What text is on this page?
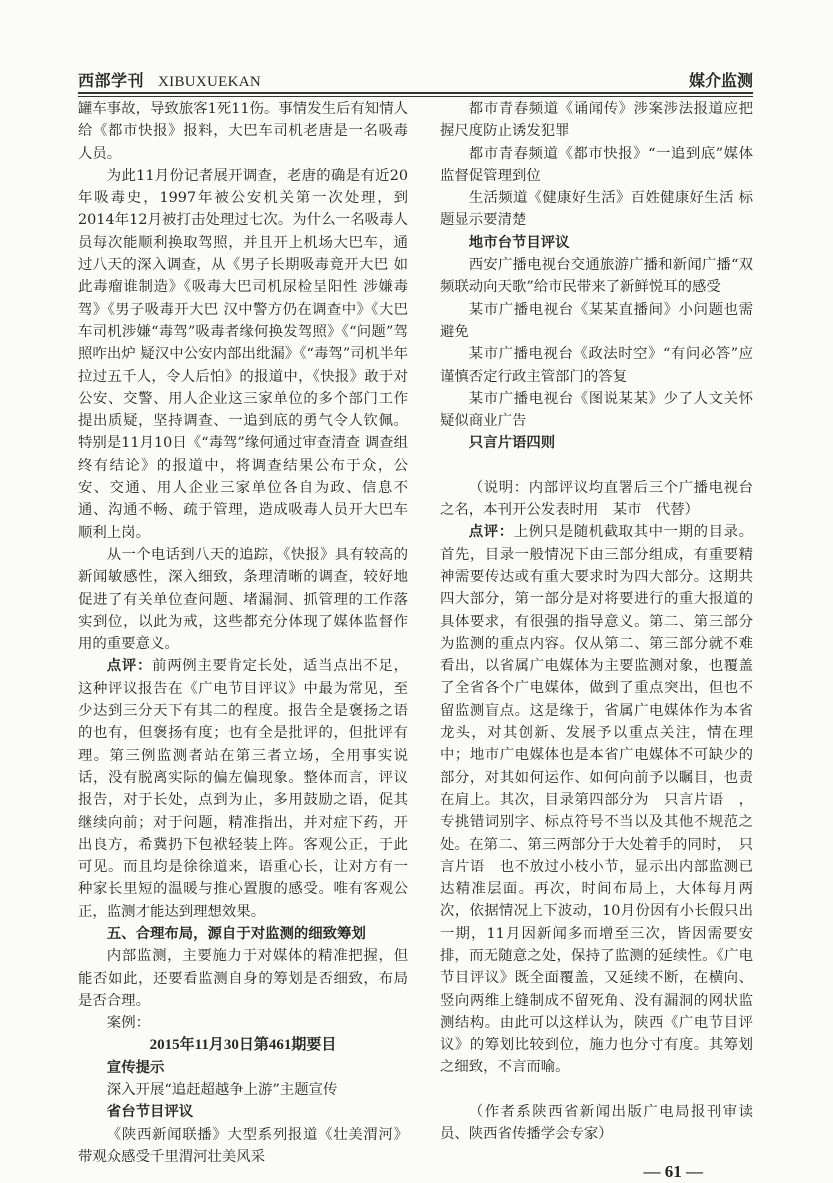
西部学刊 XIBUXUEKAN	媒介监测

罐车事故，导致旅客1死11伤。事情发生后有知情人给《都市快报》报料，大巴车司机老唐是一名吸毒人员。

为此11月份记者展开调查，老唐的确是有近20年吸毒史，1997年被公安机关第一次处理，到2014年12月被打击处理过七次。为什么一名吸毒人员每次能顺利换取驾照，并且开上机场大巴车，通过八天的深入调查，从《男子长期吸毒竟开大巴 如此毒瘤谁制造》《吸毒大巴司机尿检呈阳性 涉嫌毒驾》《男子吸毒开大巴 汉中警方仍在调查中》《大巴车司机涉嫌“毒驾”吸毒者缘何换发驾照》《“问题”驾照咋出炉 疑汉中公安内部出纰漏》《“毒驾”司机半年拉过五千人，令人后怕》的报道中，《快报》敢于对公安、交警、用人企业这三家单位的多个部门工作提出质疑，坚持调查、一追到底的勇气令人钦佩。特别是11月10日《“毒驾”缘何通过审查清查 调查组终有结论》的报道中，将调查结果公布于众，公安、交通、用人企业三家单位各自为政、信息不通、沟通不畅、疏于管理，造成吸毒人员开大巴车顺利上岗。

从一个电话到八天的追踪，《快报》具有较高的新闻敏感性，深入细致，条理清晰的调查，较好地促进了有关单位查问题、堵漏洞、抓管理的工作落实到位，以此为戒，这些都充分体现了媒体监督作用的重要意义。

点评：前两例主要肯定长处，适当点出不足，这种评议报告在《广电节目评议》中最为常见，至少达到三分天下有其二的程度。报告全是褒扬之语的也有，但褒扬有度；也有全是批评的，但批评有理。第三例监测者站在第三者立场，全用事实说话，没有脱离实际的偏左偏现象。整体而言，评议报告，对于长处，点到为止，多用鼓励之语，促其继续向前；对于问题，精准指出，并对症下药，开出良方，希冀扔下包袱轻装上阵。客观公正，于此可见。而且均是徐徐道来，语重心长，让对方有一种家长里短的温暖与推心置腹的感受。唯有客观公正，监测才能达到理想效果。

五、合理布局，源自于对监测的细致筹划

内部监测，主要施力于对媒体的精准把握，但能否如此，还要看监测自身的筹划是否细致，布局是否合理。

案例：

2015年11月30日第461期要目

宣传提示

深入开展“追赶超越争上游”主题宣传

省台节目评议

《陕西新闻联播》大型系列报道《壮美渭河》带观众感受千里渭河壮美风采

都市青春频道《诵闻传》涉案涉法报道应把握尺度防止诱发犯罪

都市青春频道《都市快报》“一追到底”媒体监督促管理到位

生活频道《健康好生活》百姓健康好生活 标题显示要清楚

地市台节目评议

西安广播电视台交通旅游广播和新闻广播“双频联动向天歌”给市民带来了新鲜悦耳的感受

某市广播电视台《某某直播间》小问题也需避免

某市广播电视台《政法时空》“有问必答”应谨慎否定行政主管部门的答复

某市广播电视台《图说某某》少了人文关怀 疑似商业广告

只言片语四则

（说明：内部评议均直署后三个广播电视台之名，本刊开公发表时用　某市　代替）

点评：上例只是随机截取其中一期的目录。首先，目录一般情况下由三部分组成，有重要精神需要传达或有重大要求时为四大部分。这期共四大部分，第一部分是对将要进行的重大报道的具体要求，有很强的指导意义。第二、第三部分为监测的重点内容。仅从第二、第三部分就不难看出，以省属广电媒体为主要监测对象，也覆盖了全省各个广电媒体，做到了重点突出，但也不留监测盲点。这是缘于，省属广电媒体作为本省龙头，对其创新、发展予以重点关注，情在理中；地市广电媒体也是本省广电媒体不可缺少的部分，对其如何运作、如何向前予以瞩目，也责在肩上。其次，目录第四部分为　只言片语　，专挑错词别字、标点符号不当以及其他不规范之处。在第二、第三两部分于大处着手的同时，　只言片语　也不放过小枝小节，显示出内部监测已达精准层面。再次，时间布局上，大体每月两次，依据情况上下波动，10月份因有小长假只出一期，11月因新闻多而增至三次，皆因需要安排，而无随意之处，保持了监测的延续性。《广电节目评议》既全面覆盖，又延续不断，在横向、竖向两维上缝制成不留死角、没有漏洞的网状监测结构。由此可以这样认为，陕西《广电节目评议》的筹划比较到位，施力也分寸有度。其筹划之细致，不言而喻。

（作者系陕西省新闻出版广电局报刊审读员、陕西省传播学会专家）

— 61 —
